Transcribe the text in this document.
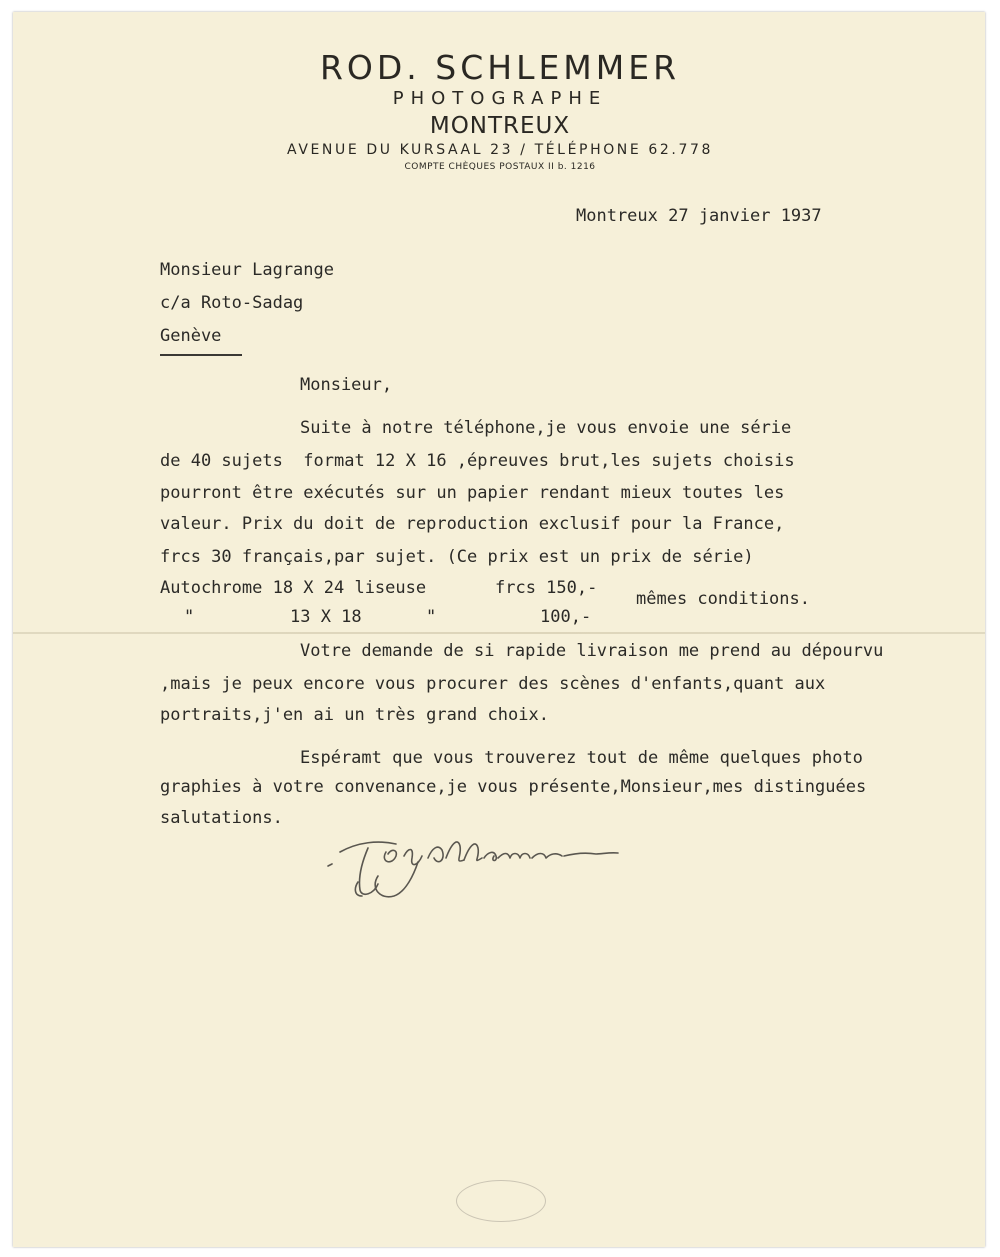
ROD. SCHLEMMER
PHOTOGRAPHE
MONTREUX
AVENUE DU KURSAAL 23 / TÉLÉPHONE 62.778
COMPTE CHÈQUES POSTAUX II b. 1216
Montreux 27 janvier 1937
Monsieur Lagrange
c/a Roto-Sadag
Genève
Monsieur,
Suite à notre téléphone,je vous envoie une série
de 40 sujets  format 12 X 16 ,épreuves brut,les sujets choisis
pourront être exécutés sur un papier rendant mieux toutes les
valeur. Prix du doit de reproduction exclusif pour la France,
frcs 30 français,par sujet. (Ce prix est un prix de série)
Autochrome 18 X 24 liseuse	frcs 150,-
mêmes conditions.
"	13 X 18	"	100,-
Votre demande de si rapide livraison me prend au dépourvu
,mais je peux encore vous procurer des scènes d'enfants,quant aux
portraits,j'en ai un très grand choix.
Espéramt que vous trouverez tout de même quelques photo
graphies à votre convenance,je vous présente,Monsieur,mes distinguées
salutations.
